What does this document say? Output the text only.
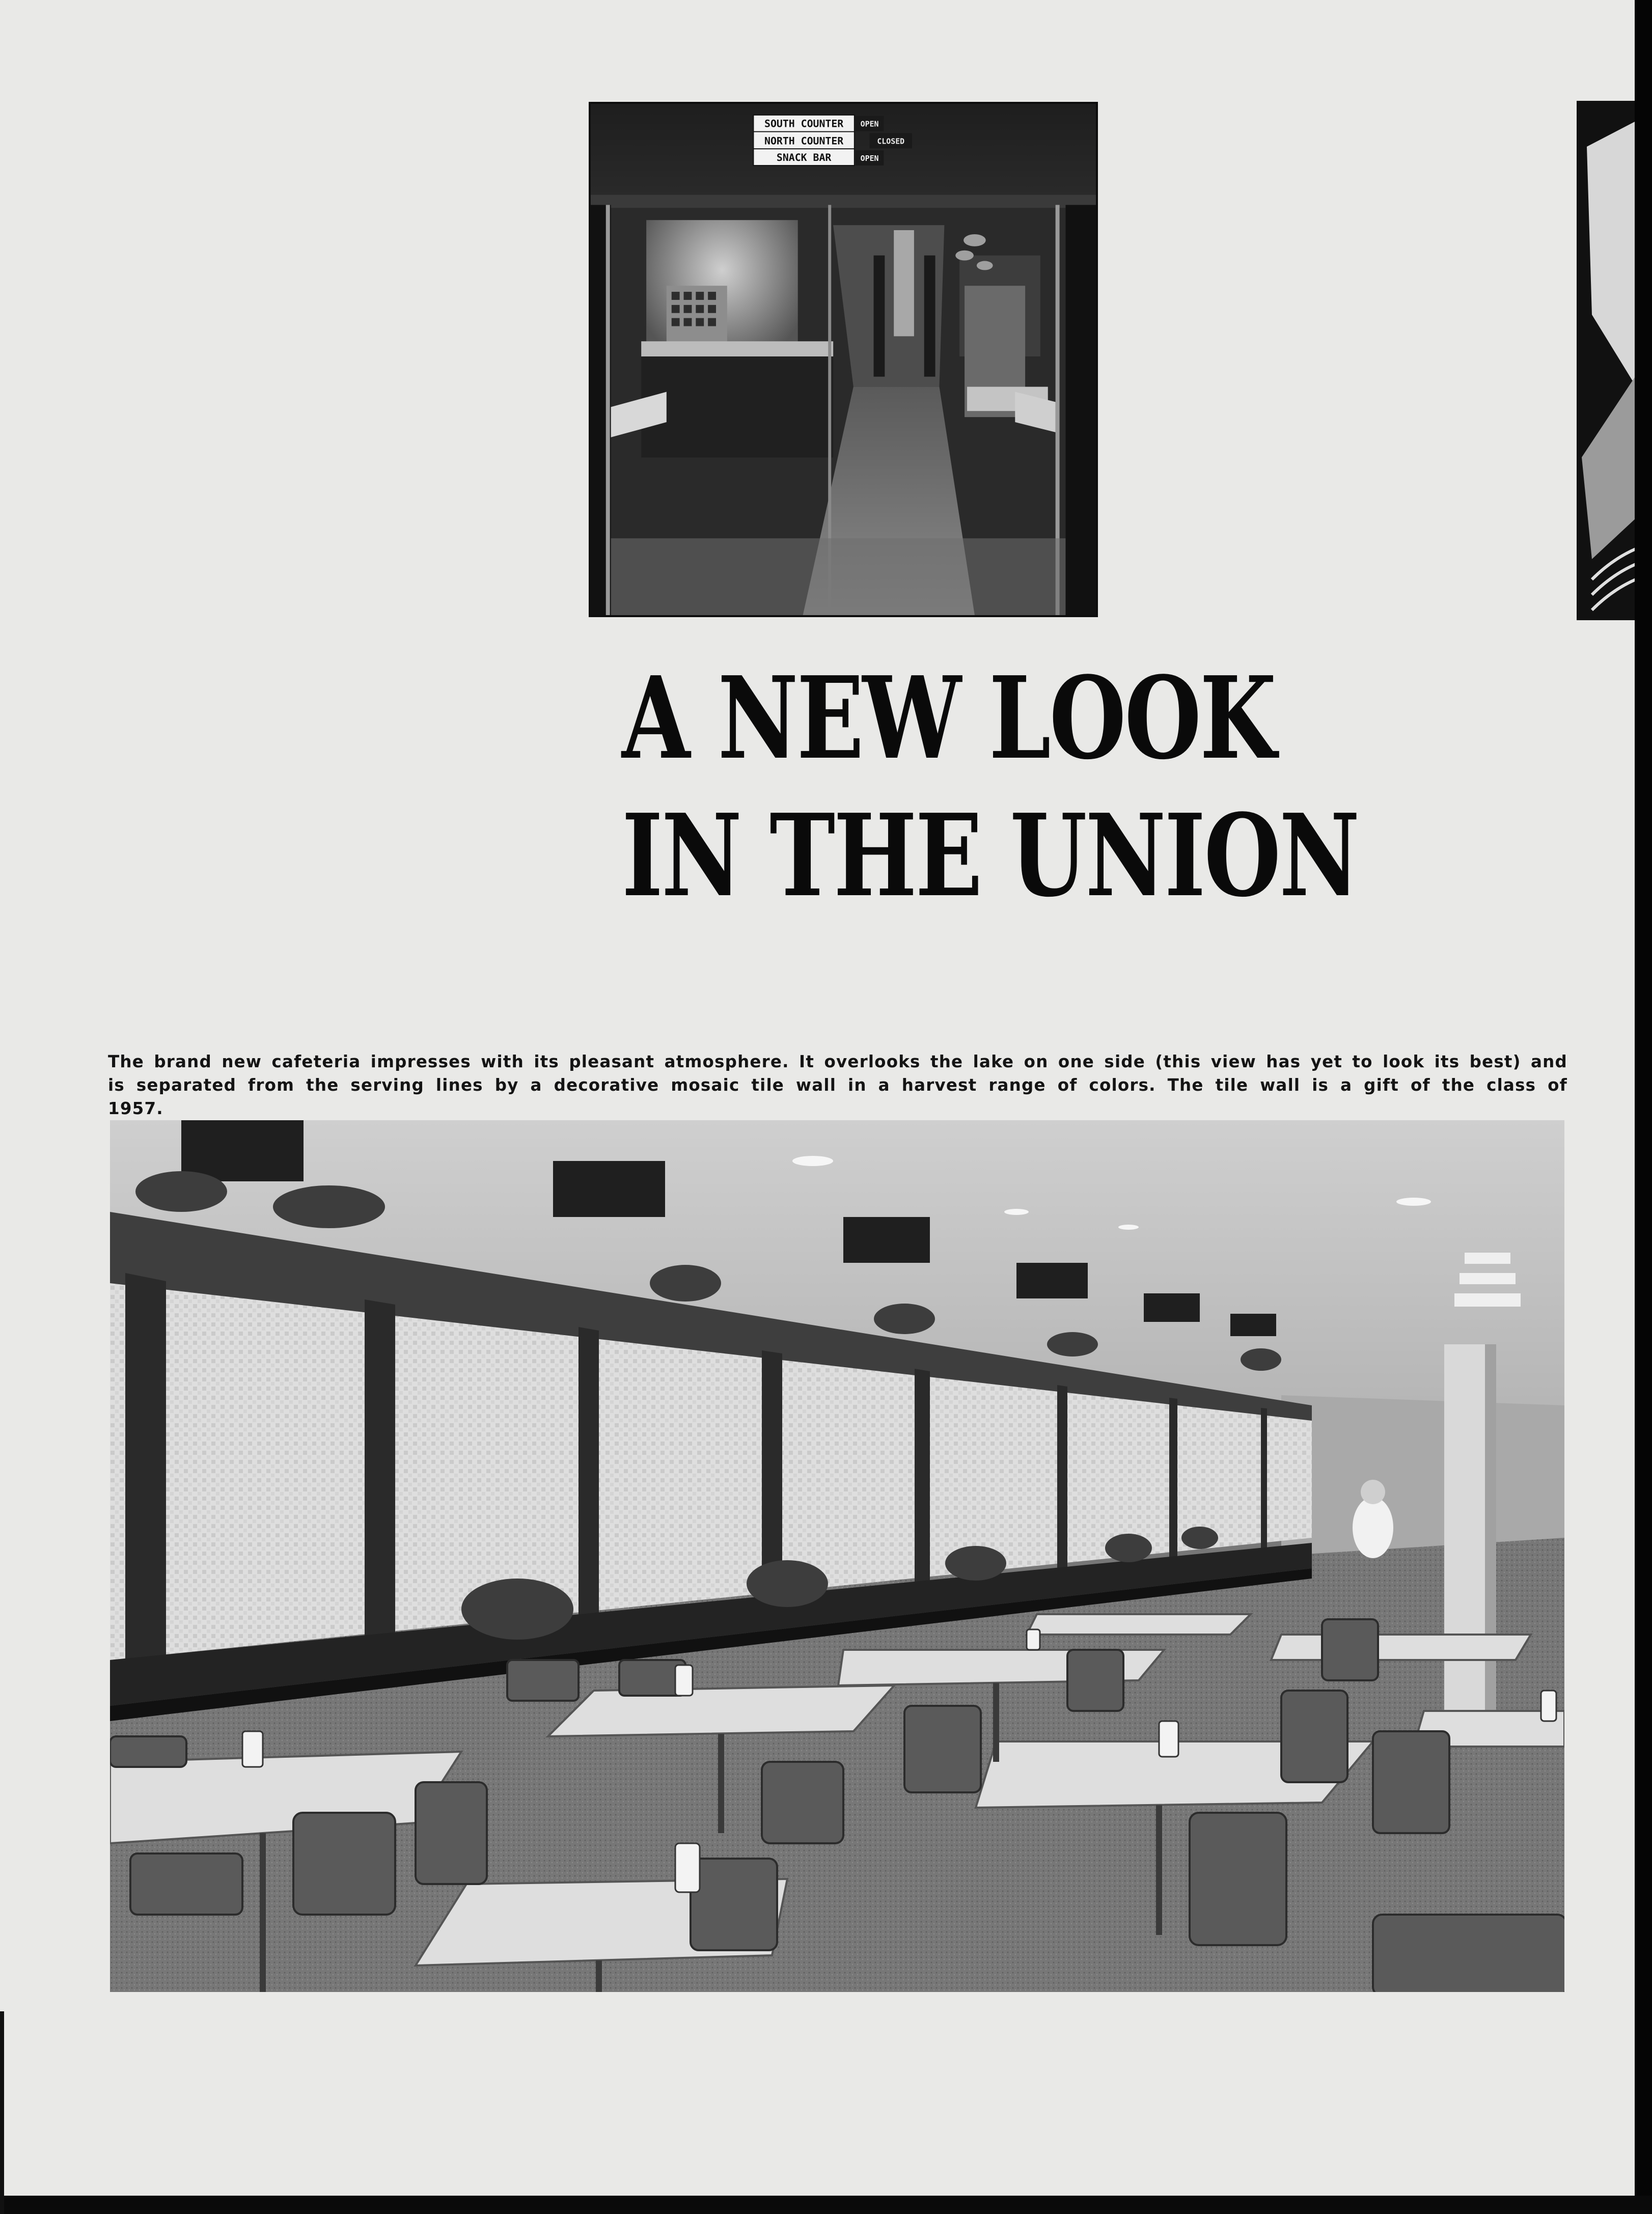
SOUTH COUNTER
NORTH COUNTER
SNACK BAR
OPEN
CLOSED
OPEN
A NEW LOOK
IN THE UNION
The brand new cafeteria impresses with its pleasant atmosphere. It overlooks the lake on one side (this view has yet to look its best) and
is separated from the serving lines by a decorative mosaic tile wall in a harvest range of colors. The tile wall is a gift of the class of 1957.
